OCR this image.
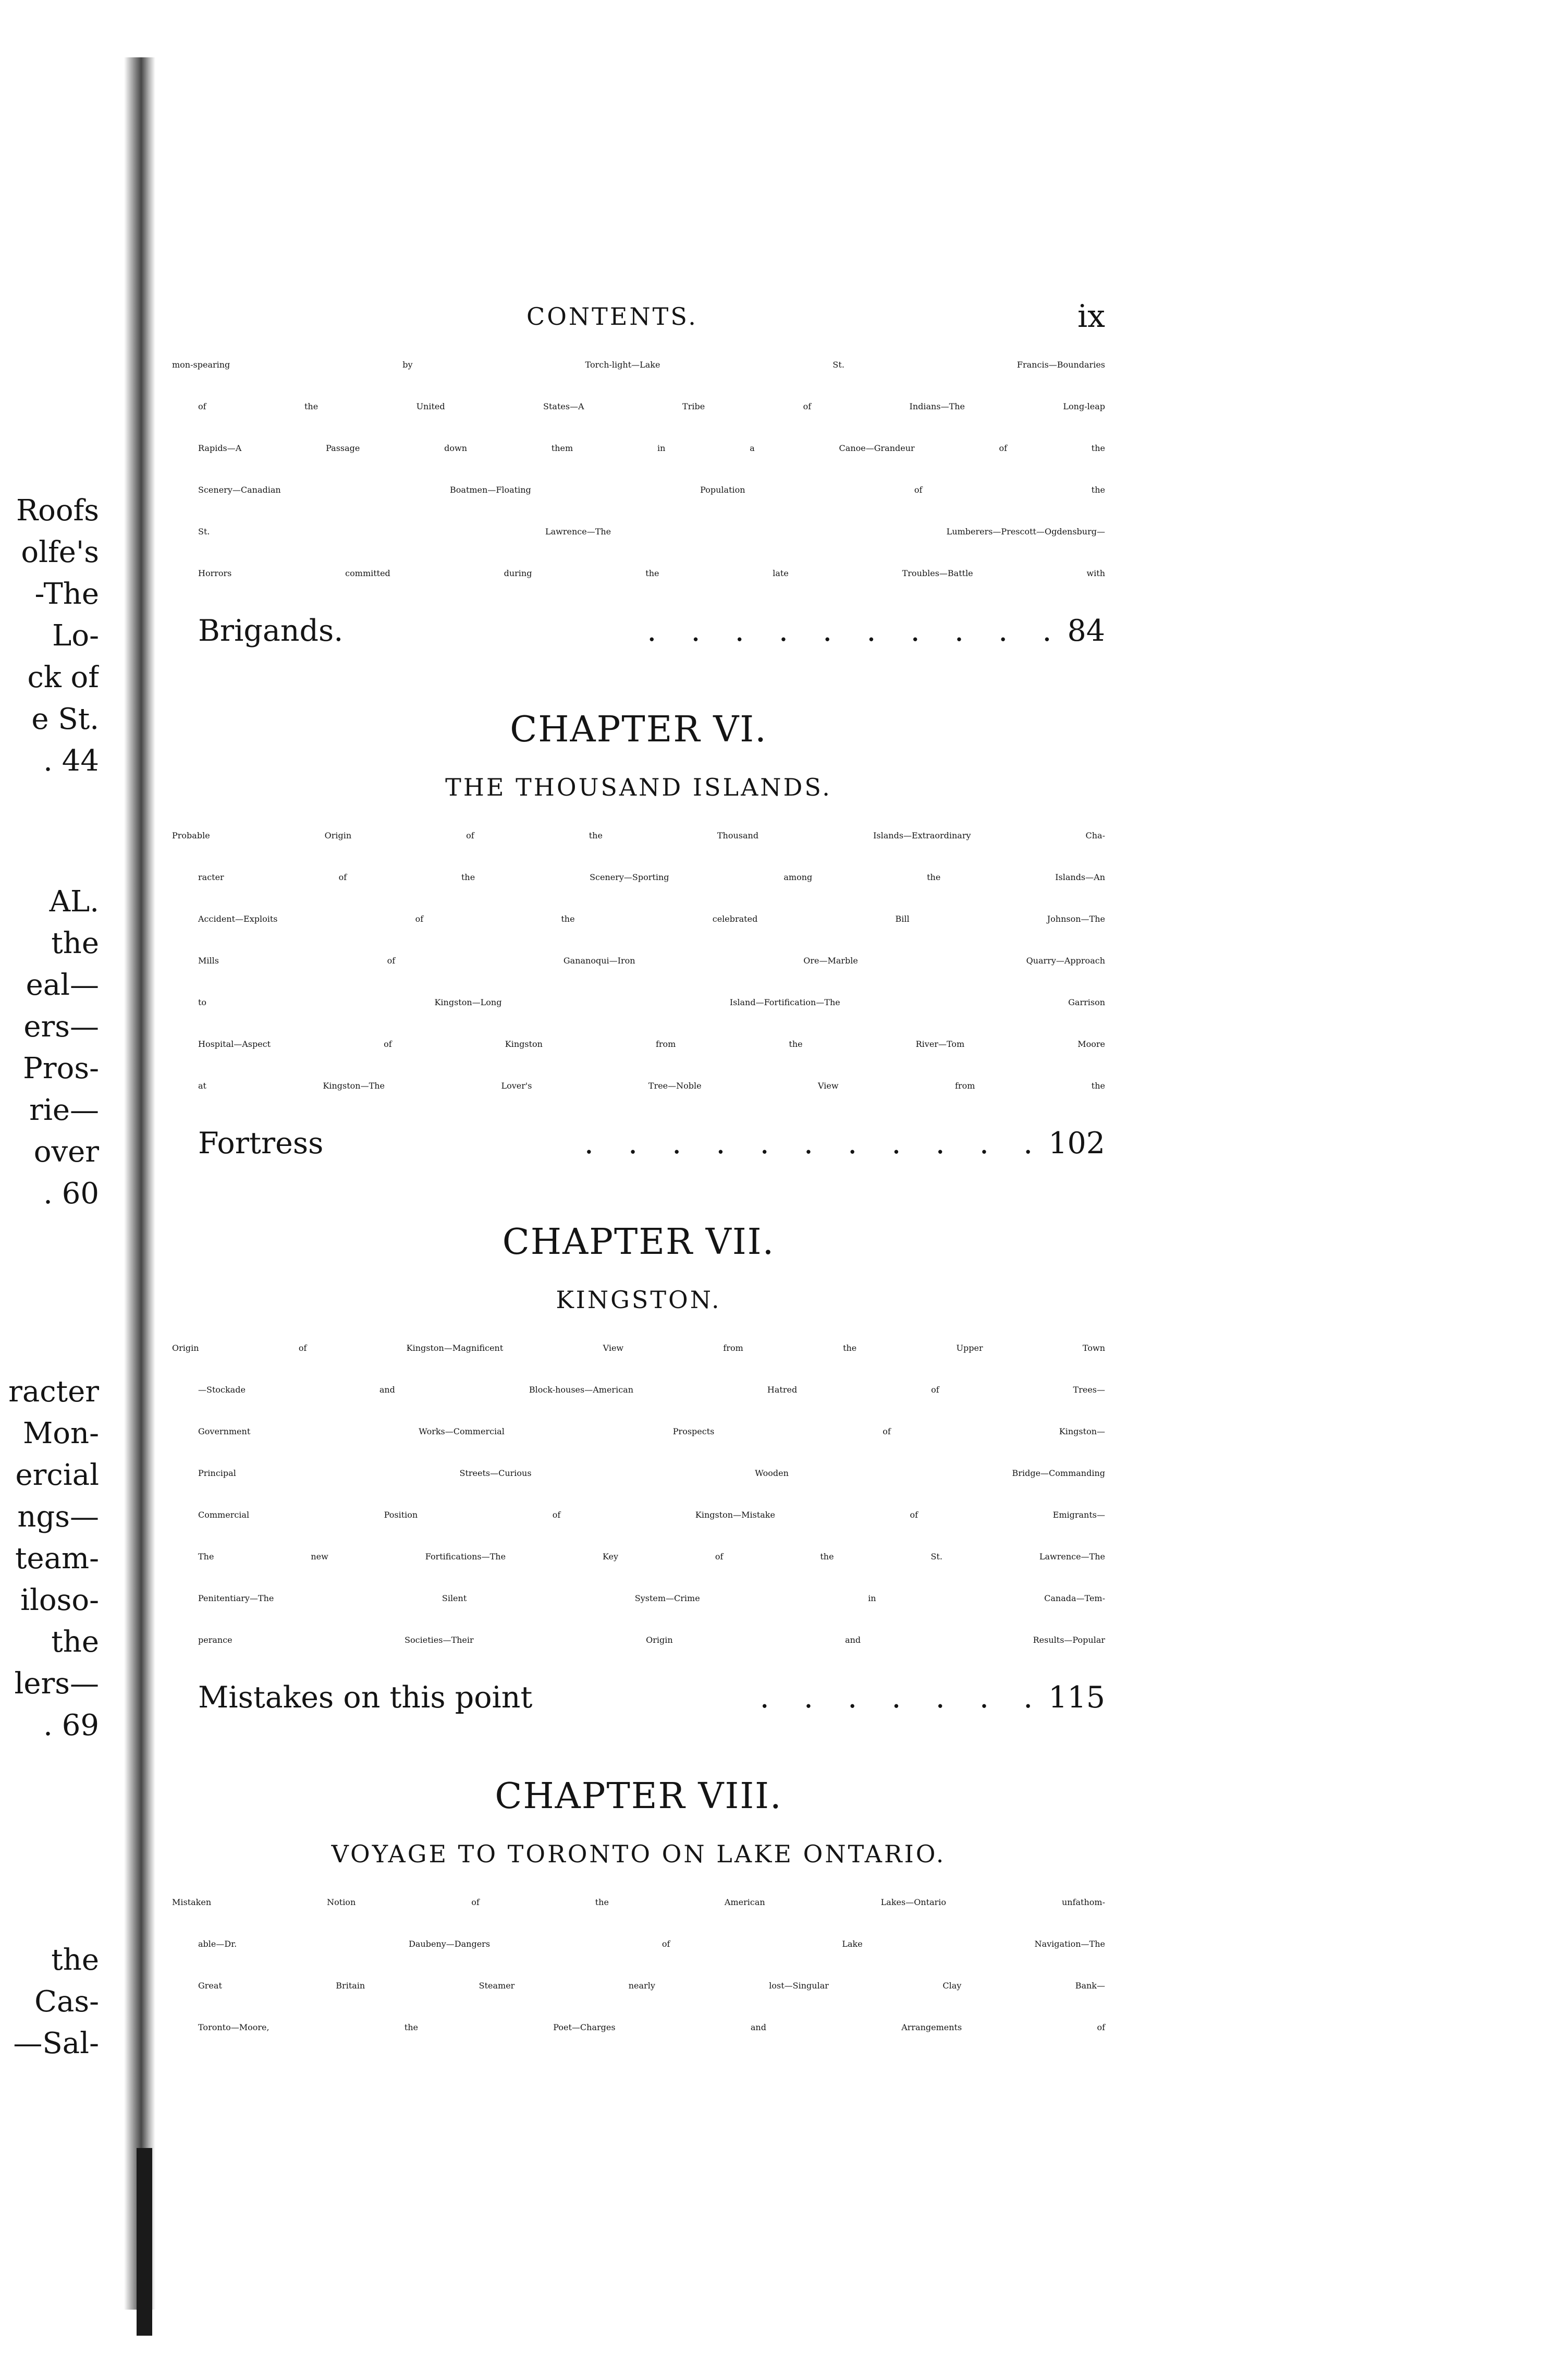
Roofs
olfe's
-The
Lo-
ck of
e St.
. 44
AL.
the
eal—
ers—
Pros-
rie—
over
. 60
racter
Mon-
ercial
ngs—
team-
iloso-
the
lers—
. 69
the
Cas-
—Sal-
CONTENTS.	ix
mon-spearing by Torch-light—Lake St. Francis—Boundaries
of the United States—A Tribe of Indians—The Long-leap
Rapids—A Passage down them in a Canoe—Grandeur of the
Scenery—Canadian Boatmen—Floating Population of the
St. Lawrence—The Lumberers—Prescott—Ogdensburg—
Horrors committed during the late Troubles—Battle with
Brigands.	. . . . . . . . . . 84
CHAPTER VI.
THE THOUSAND ISLANDS.
Probable Origin of the Thousand Islands—Extraordinary Cha-
racter of the Scenery—Sporting among the Islands—An
Accident—Exploits of the celebrated Bill Johnson—The
Mills of Gananoqui—Iron Ore—Marble Quarry—Approach
to Kingston—Long Island—Fortification—The Garrison
Hospital—Aspect of Kingston from the River—Tom Moore
at Kingston—The Lover's Tree—Noble View from the
Fortress	. . . . . . . . . . . 102
CHAPTER VII.
KINGSTON.
Origin of Kingston—Magnificent View from the Upper Town
—Stockade and Block-houses—American Hatred of Trees—
Government Works—Commercial Prospects of Kingston—
Principal Streets—Curious Wooden Bridge—Commanding
Commercial Position of Kingston—Mistake of Emigrants—
The new Fortifications—The Key of the St. Lawrence—The
Penitentiary—The Silent System—Crime in Canada—Tem-
perance Societies—Their Origin and Results—Popular
Mistakes on this point	. . . . . . . 115
CHAPTER VIII.
VOYAGE TO TORONTO ON LAKE ONTARIO.
Mistaken Notion of the American Lakes—Ontario unfathom-
able—Dr. Daubeny—Dangers of Lake Navigation—The
Great Britain Steamer nearly lost—Singular Clay Bank—
Toronto—Moore, the Poet—Charges and Arrangements of
